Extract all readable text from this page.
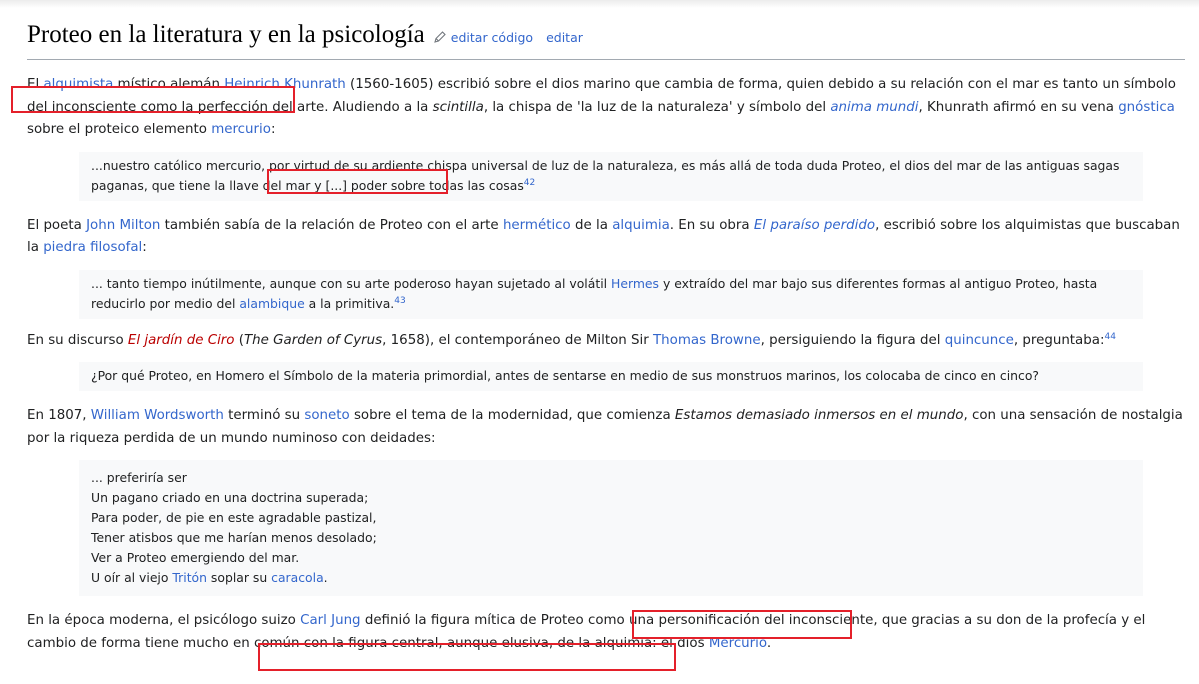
Proteo en la literatura y en la psicología editar código editar

El alquimista místico alemán Heinrich Khunrath (1560-1605) escribió sobre el dios marino que cambia de forma, quien debido a su relación con el mar es tanto un símbolo del inconsciente como la perfección del arte. Aludiendo a la scintilla, la chispa de 'la luz de la naturaleza' y símbolo del anima mundi, Khunrath afirmó en su vena gnóstica sobre el proteico elemento mercurio:

...nuestro católico mercurio, por virtud de su ardiente chispa universal de luz de la naturaleza, es más allá de toda duda Proteo, el dios del mar de las antiguas sagas paganas, que tiene la llave del mar y [...] poder sobre todas las cosas$^{42}$

El poeta John Milton también sabía de la relación de Proteo con el arte hermético de la alquimia. En su obra El paraíso perdido, escribió sobre los alquimistas que buscaban la piedra filosofal:

... tanto tiempo inútilmente, aunque con su arte poderoso hayan sujetado al volátil Hermes y extraído del mar bajo sus diferentes formas al antiguo Proteo, hasta reducirlo por medio del alambique a la primitiva.$^{43}$

En su discurso El jardín de Ciro (The Garden of Cyrus, 1658), el contemporáneo de Milton Sir Thomas Browne, persiguiendo la figura del quincunce, preguntaba:$^{44}$

¿Por qué Proteo, en Homero el Símbolo de la materia primordial, antes de sentarse en medio de sus monstruos marinos, los colocaba de cinco en cinco?

En 1807, William Wordsworth terminó su soneto sobre el tema de la modernidad, que comienza Estamos demasiado inmersos en el mundo, con una sensación de nostalgia por la riqueza perdida de un mundo numinoso con deidades:

... preferiría ser
Un pagano criado en una doctrina superada;
Para poder, de pie en este agradable pastizal,
Tener atisbos que me harían menos desolado;
Ver a Proteo emergiendo del mar.
U oír al viejo Tritón soplar su caracola.

En la época moderna, el psicólogo suizo Carl Jung definió la figura mítica de Proteo como una personificación del inconsciente, que gracias a su don de la profecía y el cambio de forma tiene mucho en común con la figura central, aunque elusiva, de la alquimia: el dios Mercurio.
